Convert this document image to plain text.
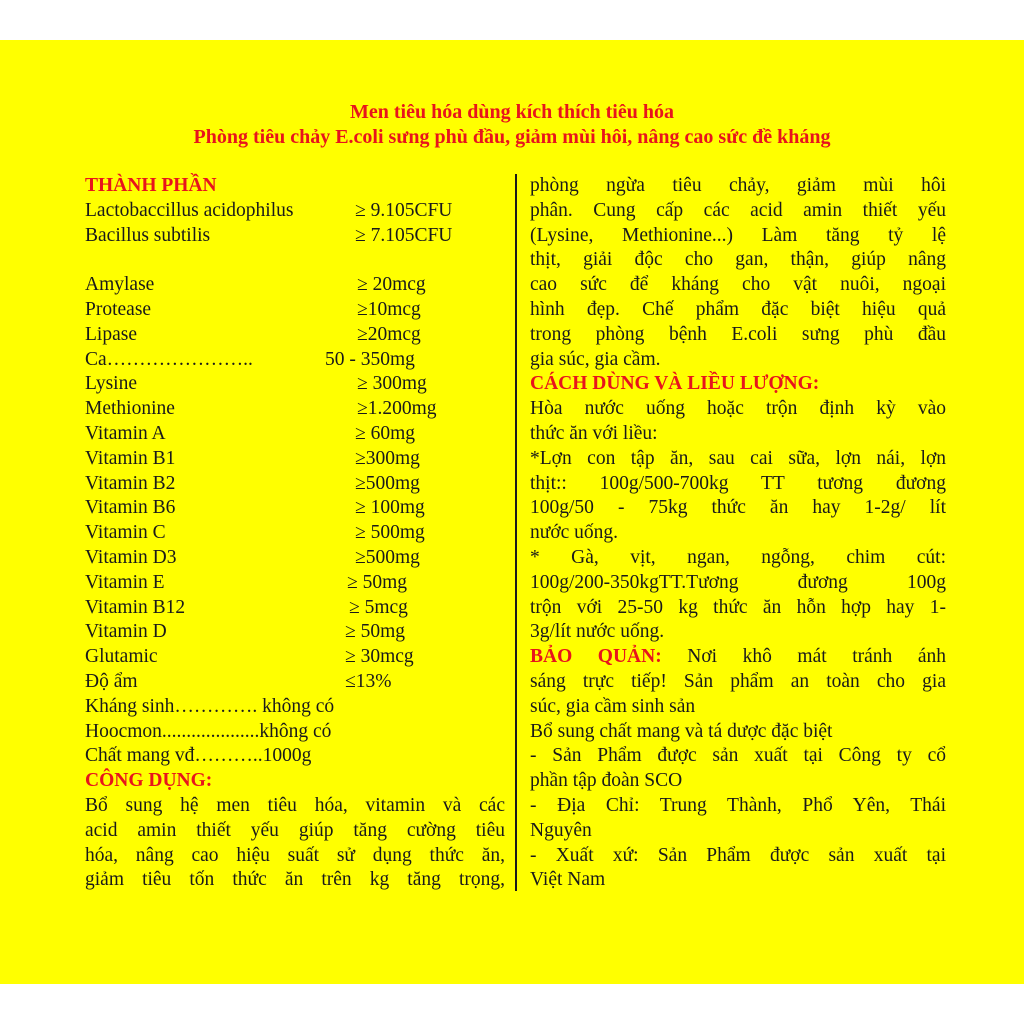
Men tiêu hóa dùng kích thích tiêu hóa
Phòng tiêu chảy E.coli sưng phù đầu, giảm mùi hôi, nâng cao sức đề kháng
THÀNH PHẦN
Lactobaccillus acidophilus	≥ 9.105CFU
Bacillus subtilis	≥ 7.105CFU
Amylase	≥ 20mcg
Protease	≥10mcg
Lipase	≥20mcg
Ca…………………..	50 - 350mg
Lysine	≥ 300mg
Methionine	≥1.200mg
Vitamin A	≥ 60mg
Vitamin B1	≥300mg
Vitamin B2	≥500mg
Vitamin B6	≥ 100mg
Vitamin C	≥ 500mg
Vitamin D3	≥500mg
Vitamin E	≥ 50mg
Vitamin B12	≥ 5mcg
Vitamin D	≥ 50mg
Glutamic	≥ 30mcg
Độ ẩm	≤13%
Kháng sinh…………. không có
Hoocmon....................không có
Chất mang vđ………..1000g
CÔNG DỤNG:
Bổ sung hệ men tiêu hóa, vitamin và các
acid amin thiết yếu giúp tăng cường tiêu
hóa, nâng cao hiệu suất sử dụng thức ăn,
giảm tiêu tốn thức ăn trên kg tăng trọng,
phòng ngừa tiêu chảy, giảm mùi hôi
phân. Cung cấp các acid amin thiết yếu
(Lysine, Methionine...) Làm tăng tỷ lệ
thịt, giải độc cho gan, thận, giúp nâng
cao sức để kháng cho vật nuôi, ngoại
hình đẹp. Chế phẩm đặc biệt hiệu quả
trong phòng bệnh E.coli sưng phù đầu
gia súc, gia cầm.
CÁCH DÙNG VÀ LIỀU LƯỢNG:
Hòa nước uống hoặc trộn định kỳ vào
thức ăn với liều:
*Lợn con tập ăn, sau cai sữa, lợn nái, lợn
thịt:: 100g/500-700kg TT tương đương
100g/50 - 75kg thức ăn hay 1-2g/ lít
nước uống.
* Gà, vịt, ngan, ngỗng, chim cút:
100g/200-350kgTT.Tương đương 100g
trộn với 25-50 kg thức ăn hỗn hợp hay 1-
3g/lít nước uống.
BẢO QUẢN: Nơi khô mát tránh ánh
sáng trực tiếp! Sản phẩm an toàn cho gia
súc, gia cầm sinh sản
Bổ sung chất mang và tá dược đặc biệt
- Sản Phẩm được sản xuất tại Công ty cổ
phần tập đoàn SCO
- Địa Chỉ: Trung Thành, Phổ Yên, Thái
Nguyên
- Xuất xứ: Sản Phẩm được sản xuất tại
Việt Nam
